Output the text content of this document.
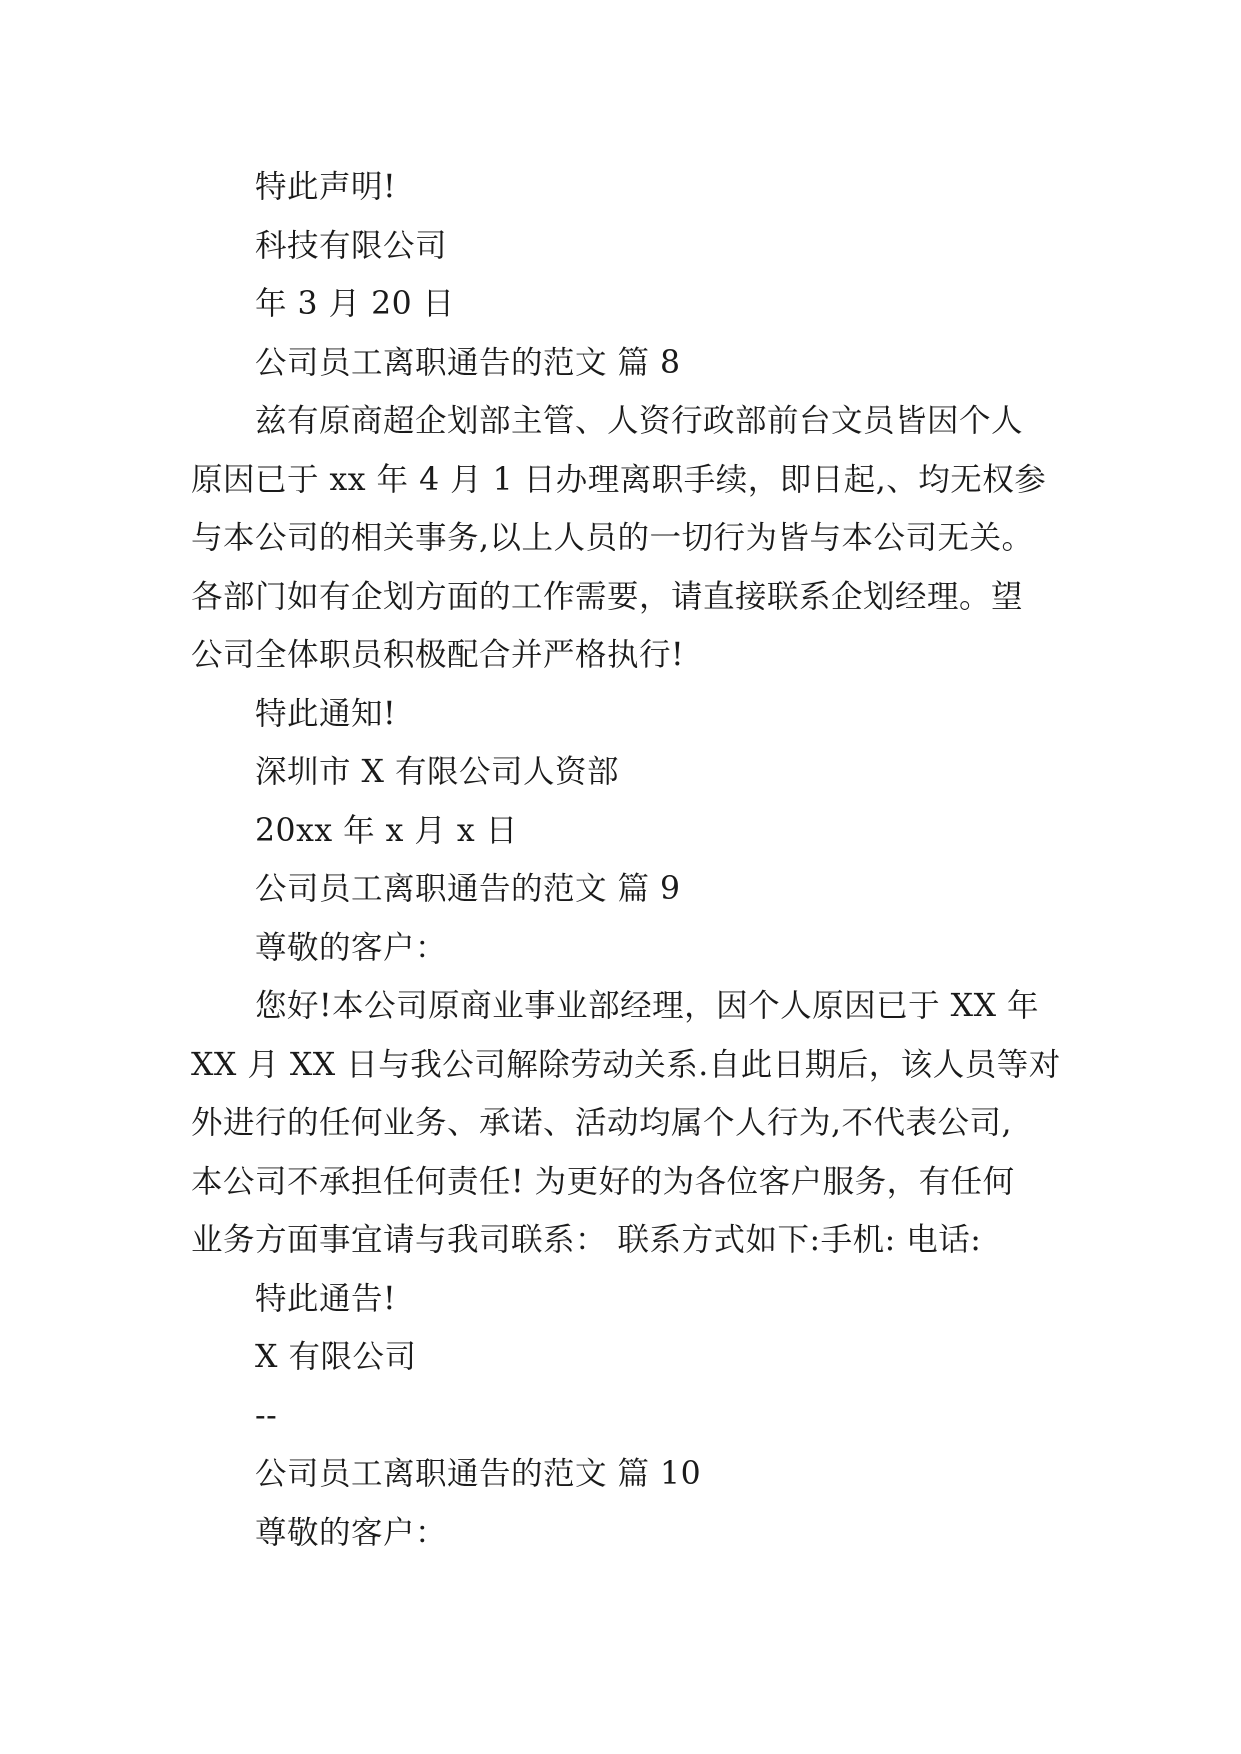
特此声明!
科技有限公司
年 3 月 20 日
公司员工离职通告的范文 篇 8
兹有原商超企划部主管、人资行政部前台文员皆因个人
原因已于 xx 年 4 月 1 日办理离职手续，即日起,、均无权参
与本公司的相关事务,以上人员的一切行为皆与本公司无关。
各部门如有企划方面的工作需要，请直接联系企划经理。望
公司全体职员积极配合并严格执行!
特此通知!
深圳市 X 有限公司人资部
20xx 年 x 月 x 日
公司员工离职通告的范文 篇 9
尊敬的客户：
您好!本公司原商业事业部经理，因个人原因已于 XX 年
XX 月 XX 日与我公司解除劳动关系.自此日期后，该人员等对
外进行的任何业务、承诺、活动均属个人行为,不代表公司,
本公司不承担任何责任! 为更好的为各位客户服务，有任何
业务方面事宜请与我司联系： 联系方式如下:手机: 电话:
特此通告!
X 有限公司
--
公司员工离职通告的范文 篇 10
尊敬的客户：
